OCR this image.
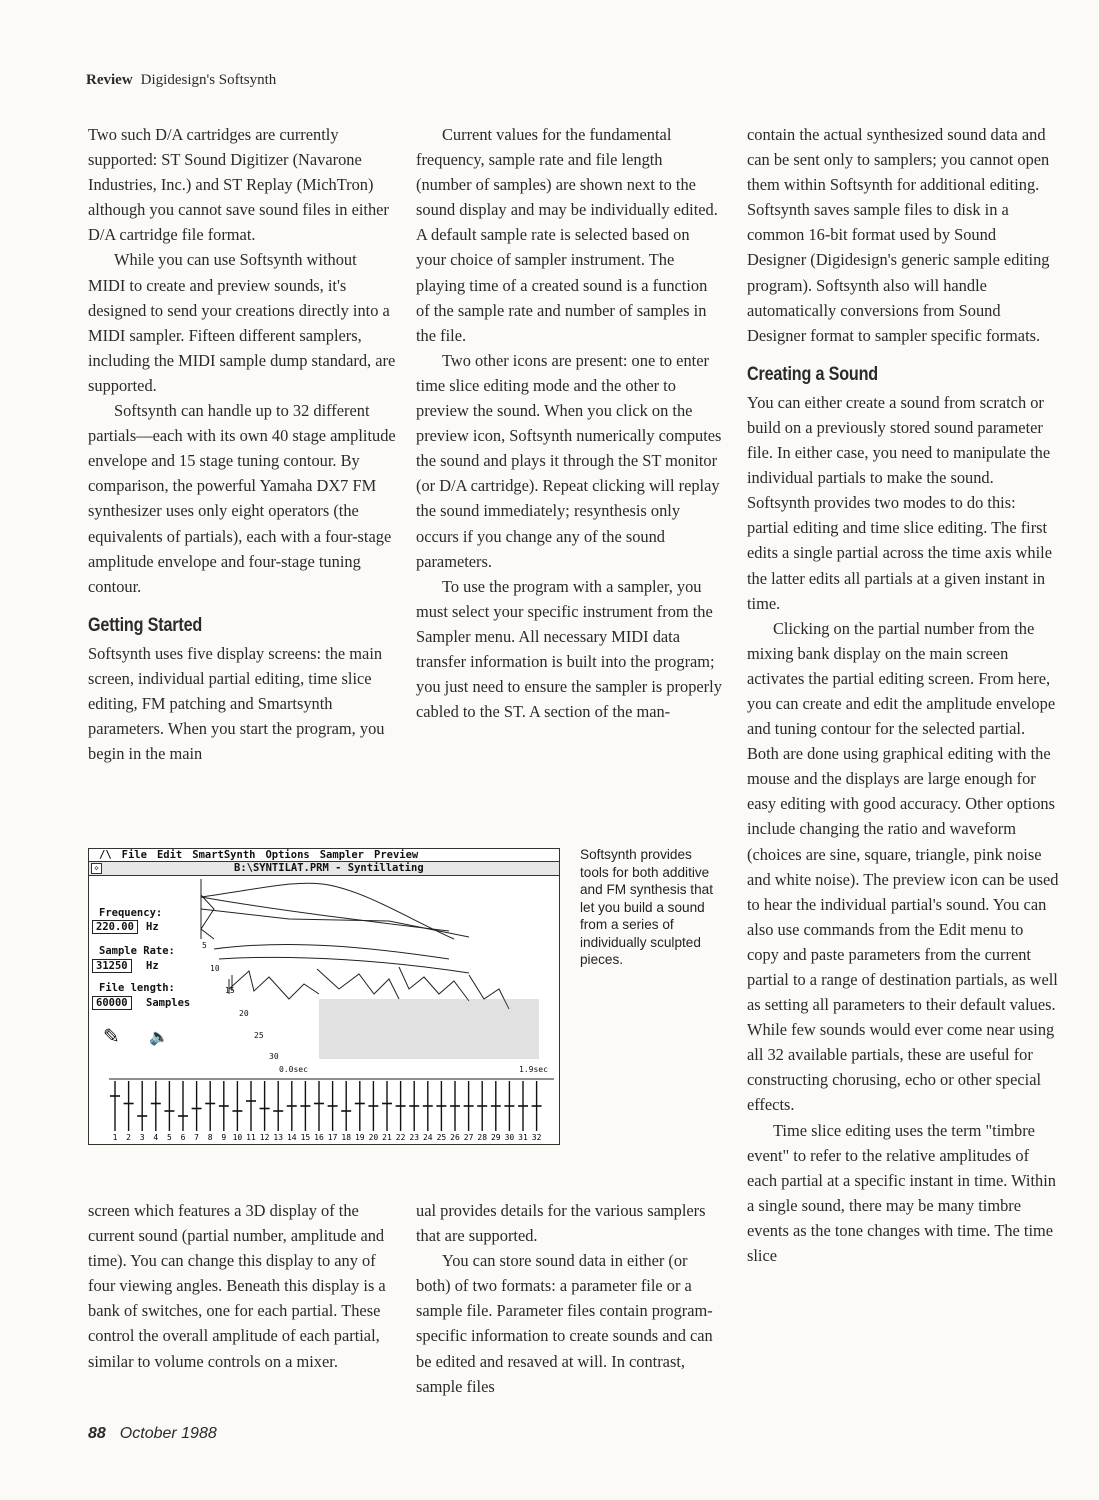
Review Digidesign's Softsynth

Two such D/A cartridges are currently supported: ST Sound Digitizer (Navarone Industries, Inc.) and ST Replay (MichTron) although you cannot save sound files in either D/A cartridge file format.

While you can use Softsynth without MIDI to create and preview sounds, it's designed to send your creations directly into a MIDI sampler. Fifteen different samplers, including the MIDI sample dump standard, are supported.

Softsynth can handle up to 32 different partials—each with its own 40 stage amplitude envelope and 15 stage tuning contour. By comparison, the powerful Yamaha DX7 FM synthesizer uses only eight operators (the equivalents of partials), each with a four-stage amplitude envelope and four-stage tuning contour.

Getting Started

Softsynth uses five display screens: the main screen, individual partial editing, time slice editing, FM patching and Smartsynth parameters. When you start the program, you begin in the main

Current values for the fundamental frequency, sample rate and file length (number of samples) are shown next to the sound display and may be individually edited. A default sample rate is selected based on your choice of sampler instrument. The playing time of a created sound is a function of the sample rate and number of samples in the file.

Two other icons are present: one to enter time slice editing mode and the other to preview the sound. When you click on the preview icon, Softsynth numerically computes the sound and plays it through the ST monitor (or D/A cartridge). Repeat clicking will replay the sound immediately; resynthesis only occurs if you change any of the sound parameters.

To use the program with a sampler, you must select your specific instrument from the Sampler menu. All necessary MIDI data transfer information is built into the program; you just need to ensure the sampler is properly cabled to the ST. A section of the man-

contain the actual synthesized sound data and can be sent only to samplers; you cannot open them within Softsynth for additional editing. Softsynth saves sample files to disk in a common 16-bit format used by Sound Designer (Digidesign's generic sample editing program). Softsynth also will handle automatically conversions from Sound Designer format to sampler specific formats.

Creating a Sound

You can either create a sound from scratch or build on a previously stored sound parameter file. In either case, you need to manipulate the individual partials to make the sound. Softsynth provides two modes to do this: partial editing and time slice editing. The first edits a single partial across the time axis while the latter edits all partials at a given instant in time.

Clicking on the partial number from the mixing bank display on the main screen activates the partial editing screen. From here, you can create and edit the amplitude envelope and tuning contour for the selected partial. Both are done using graphical editing with the mouse and the displays are large enough for easy editing with good accuracy. Other options include changing the ratio and waveform (choices are sine, square, triangle, pink noise and white noise). The preview icon can be used to hear the individual partial's sound. You can also use commands from the Edit menu to copy and paste parameters from the current partial to a range of destination partials, as well as setting all parameters to their default values. While few sounds would ever come near using all 32 available partials, these are useful for constructing chorusing, echo or other special effects.

Time slice editing uses the term "timbre event" to refer to the relative amplitudes of each partial at a specific instant in time. Within a single sound, there may be many timbre events as the tone changes with time. The time slice

/\ File Edit SmartSynth Options Sampler Preview
◇	B:\SYNTILAT.PRM - Syntillating
Frequency:
220.00	Hz
Sample Rate:
31250	Hz
File length:
60000	Samples
✎ 🔈
5
10
15
20
25
30
0.0sec	1.9sec
1 2 3 4 5 6 7 8 9 10 11 12 13 14 15 16 17 18 19 20 21 22 23 24 25 26 27 28 29 30 31 32
Softsynth provides tools for both additive and FM synthesis that let you build a sound from a series of individually sculpted pieces.

screen which features a 3D display of the current sound (partial number, amplitude and time). You can change this display to any of four viewing angles. Beneath this display is a bank of switches, one for each partial. These control the overall amplitude of each partial, similar to volume controls on a mixer.

ual provides details for the various samplers that are supported.

You can store sound data in either (or both) of two formats: a parameter file or a sample file. Parameter files contain program-specific information to create sounds and can be edited and resaved at will. In contrast, sample files

88 October 1988
